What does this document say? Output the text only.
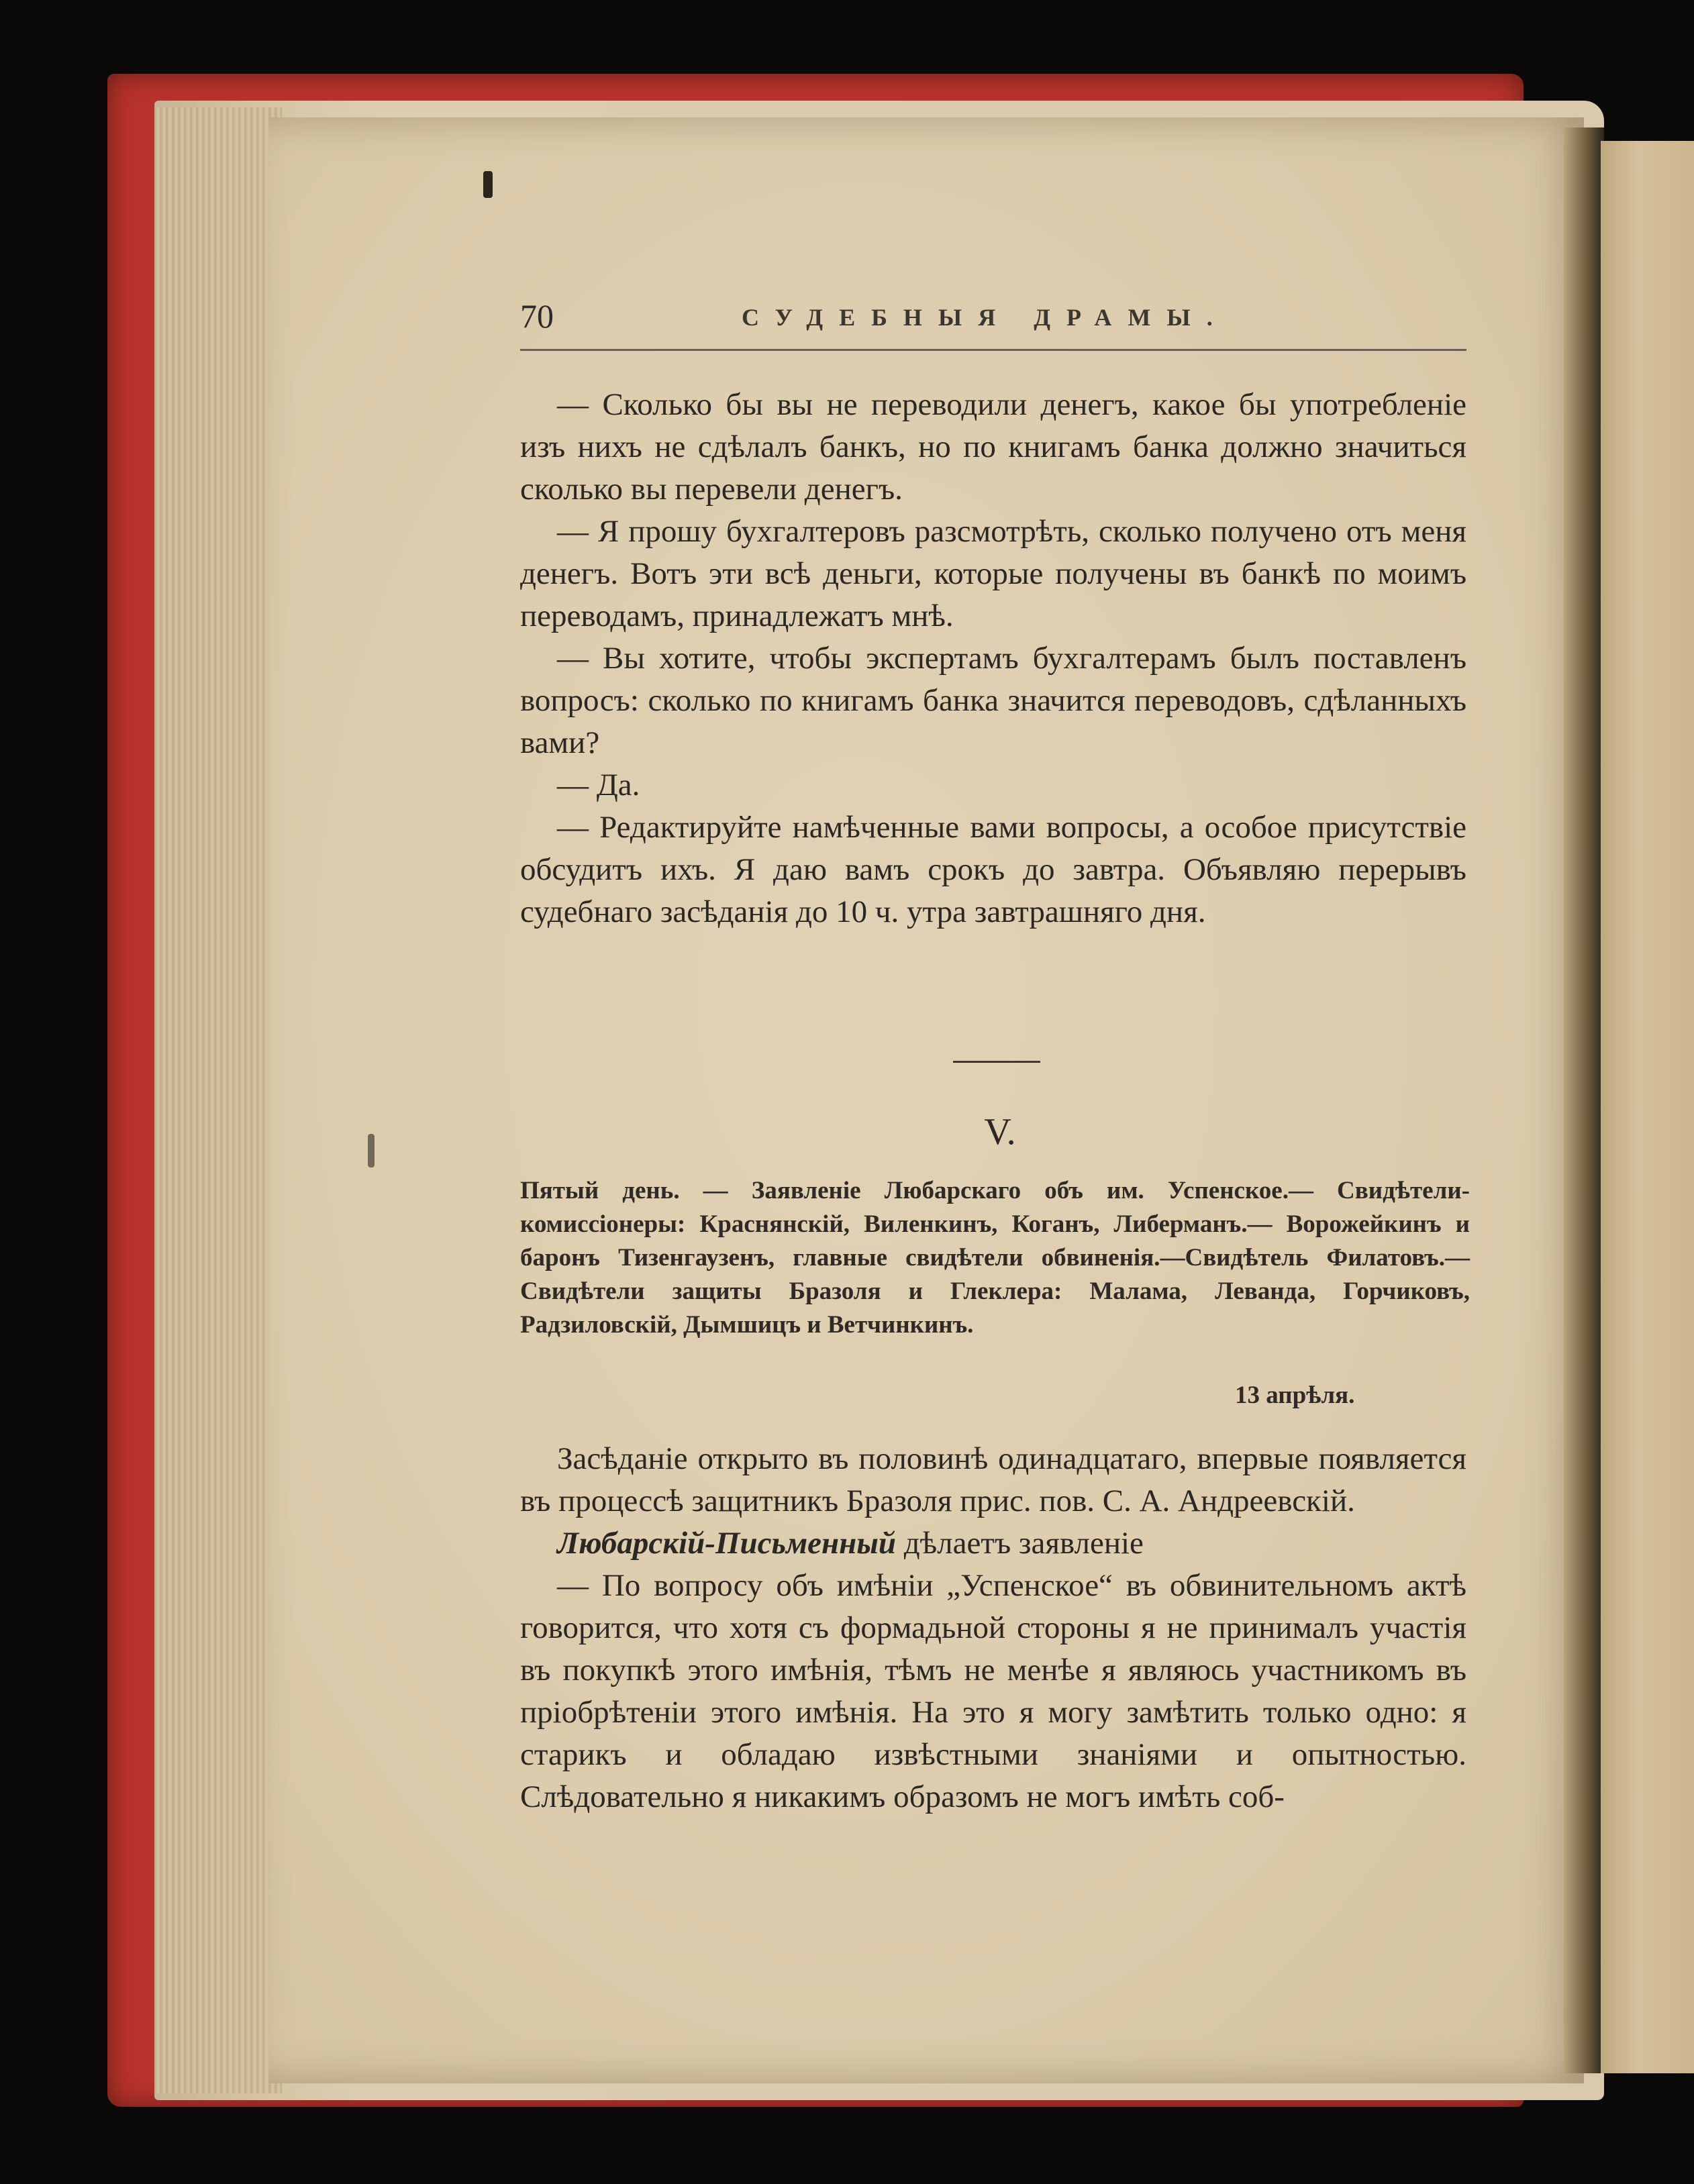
70	СУДЕБНЫЯ ДРАМЫ.

— Сколько бы вы не переводили денегъ, какое бы употребленіе изъ нихъ не сдѣлалъ банкъ, но по книгамъ банка должно значиться сколько вы перевели денегъ.

— Я прошу бухгалтеровъ разсмотрѣть, сколько получено отъ меня денегъ. Вотъ эти всѣ деньги, которые получены въ банкѣ по моимъ переводамъ, принадлежатъ мнѣ.

— Вы хотите, чтобы экспертамъ бухгалтерамъ былъ поставленъ вопросъ: сколько по книгамъ банка значится переводовъ, сдѣланныхъ вами?

— Да.

— Редактируйте намѣченные вами вопросы, а особое присутствіе обсудитъ ихъ. Я даю вамъ срокъ до завтра. Объявляю перерывъ судебнаго засѣданія до 10 ч. утра завтрашняго дня.

V.

Пятый день. — Заявленіе Любарскаго объ им. Успенское.— Свидѣтели-комиссіонеры: Краснянскій, Виленкинъ, Коганъ, Либерманъ.— Ворожейкинъ и баронъ Тизенгаузенъ, главные свидѣтели обвиненія.—Свидѣтель Филатовъ.—Свидѣтели защиты Бразоля и Глеклера: Малама, Леванда, Горчиковъ, Радзиловскій, Дымшицъ и Ветчинкинъ.

13 апрѣля.

Засѣданіе открыто въ половинѣ одинадцатаго, впервые появляется въ процессѣ защитникъ Бразоля прис. пов. С. А. Андреевскій.

Любарскій-Письменный дѣлаетъ заявленіе

— По вопросу объ имѣніи „Успенское“ въ обвинительномъ актѣ говорится, что хотя съ формадьной стороны я не принималъ участія въ покупкѣ этого имѣнія, тѣмъ не менѣе я являюсь участникомъ въ пріобрѣтеніи этого имѣнія. На это я могу замѣтить только одно: я старикъ и обладаю извѣстными знаніями и опытностью. Слѣдовательно я никакимъ образомъ не могъ имѣть соб-
